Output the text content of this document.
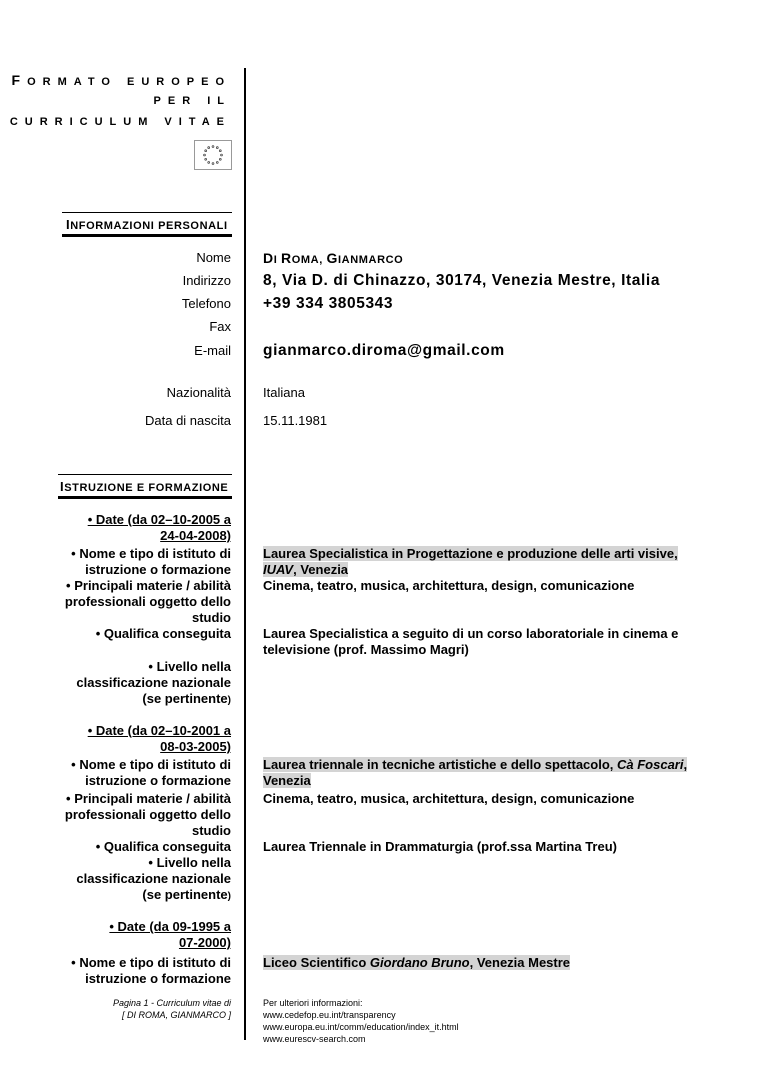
FORMATO EUROPEO
PER IL
CURRICULUM VITAE
INFORMAZIONI PERSONALI
Nome DI ROMA, GIANMARCO
Indirizzo 8, Via D. di Chinazzo, 30174, Venezia Mestre, Italia
Telefono +39 334 3805343
Fax
E-mail gianmarco.diroma@gmail.com
Nazionalità Italiana
Data di nascita 15.11.1981
ISTRUZIONE E FORMAZIONE
• Date (da 02–10-2005 a
24-04-2008)
• Nome e tipo di istituto di
istruzione o formazione
Laurea Specialistica in Progettazione e produzione delle arti visive,
IUAV, Venezia
• Principali materie / abilità
professionali oggetto dello
studio
Cinema, teatro, musica, architettura, design, comunicazione
• Qualifica conseguita Laurea Specialistica a seguito di un corso laboratoriale in cinema e
televisione (prof. Massimo Magri)
• Livello nella
classificazione nazionale
(se pertinente)
• Date (da 02–10-2001 a
08-03-2005)
• Nome e tipo di istituto di
istruzione o formazione
Laurea triennale in tecniche artistiche e dello spettacolo, Cà Foscari,
Venezia
• Principali materie / abilità
professionali oggetto dello
studio
Cinema, teatro, musica, architettura, design, comunicazione
• Qualifica conseguita Laurea Triennale in Drammaturgia (prof.ssa Martina Treu)
• Livello nella
classificazione nazionale
(se pertinente)
• Date (da 09-1995 a
07-2000)
• Nome e tipo di istituto di
istruzione o formazione
Liceo Scientifico Giordano Bruno, Venezia Mestre
Pagina 1 - Curriculum vitae di
[ DI ROMA, GIANMARCO ]
Per ulteriori informazioni:
www.cedefop.eu.int/transparency
www.europa.eu.int/comm/education/index_it.html
www.eurescv-search.com
